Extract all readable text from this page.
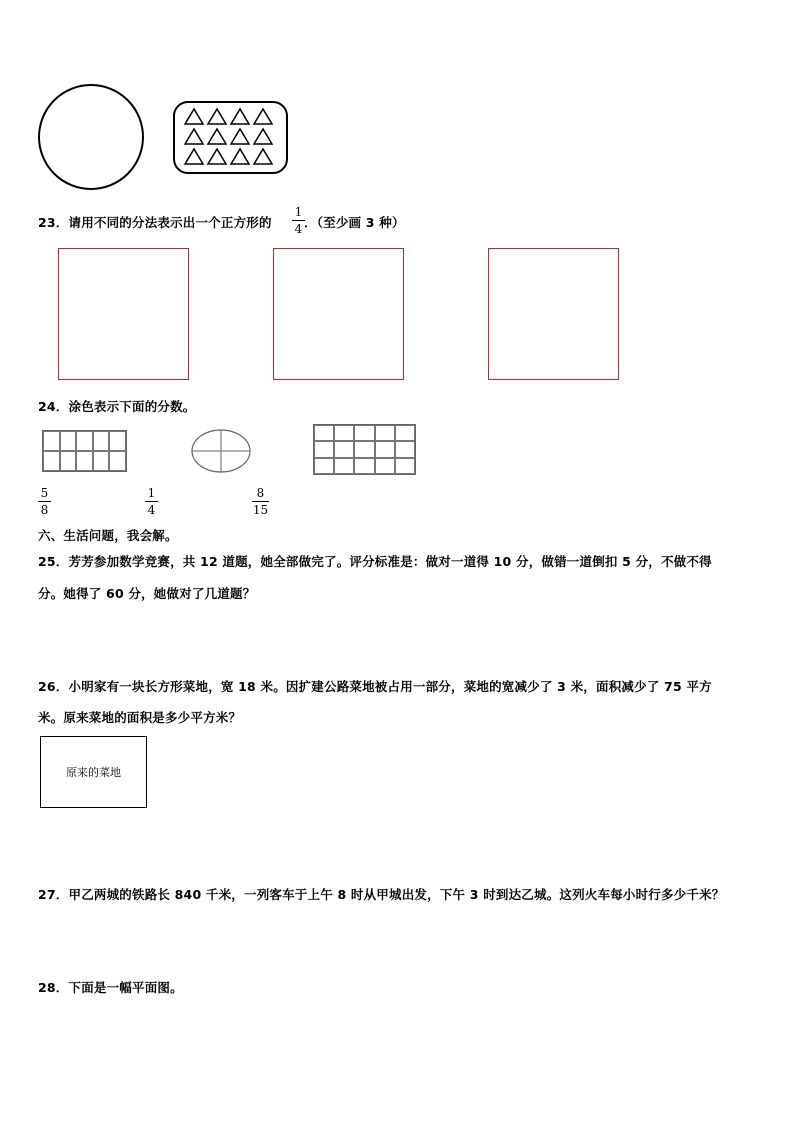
23．请用不同的分法表示出一个正方形的
1
4 ．（至少画 3 种）
24．涂色表示下面的分数。
5
8
1
4
8
15
六、生活问题，我会解。
25．芳芳参加数学竞赛，共 12 道题，她全部做完了。评分标准是：做对一道得 10 分，做错一道倒扣 5 分，不做不得
分。她得了 60 分，她做对了几道题？
26．小明家有一块长方形菜地，宽 18 米。因扩建公路菜地被占用一部分，菜地的宽减少了 3 米，面积减少了 75 平方
米。原来菜地的面积是多少平方米？
原来的菜地
27．甲乙两城的铁路长 840 千米，一列客车于上午 8 时从甲城出发，下午 3 时到达乙城。这列火车每小时行多少千米？
28．下面是一幅平面图。
